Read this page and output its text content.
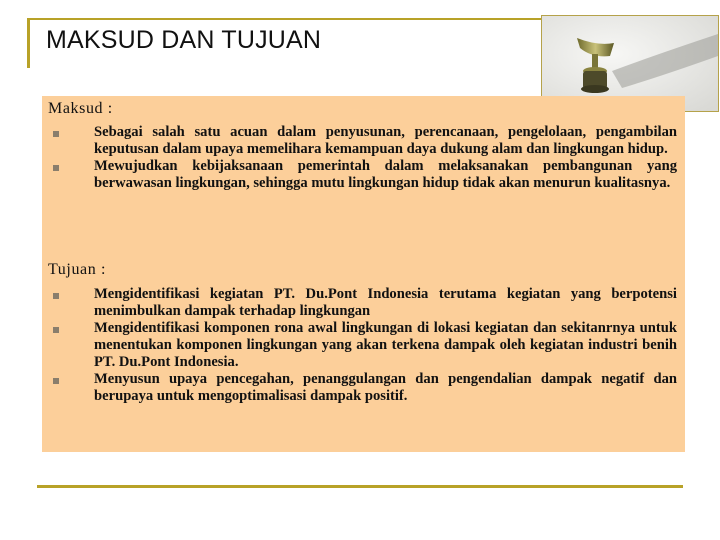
MAKSUD DAN TUJUAN
Maksud :
Sebagai salah satu acuan dalam penyusunan, perencanaan, pengelolaan, pengambilan keputusan dalam upaya memelihara kemampuan daya dukung alam dan lingkungan hidup.
Mewujudkan kebijaksanaan pemerintah dalam melaksanakan pembangunan yang berwawasan lingkungan, sehingga mutu lingkungan hidup tidak akan menurun kualitasnya.
Tujuan :
Mengidentifikasi kegiatan PT. Du.Pont Indonesia terutama kegiatan yang berpotensi menimbulkan dampak terhadap lingkungan
Mengidentifikasi komponen rona awal lingkungan di lokasi kegiatan dan sekitanrnya untuk menentukan komponen lingkungan yang akan terkena dampak oleh kegiatan industri benih PT. Du.Pont Indonesia.
Menyusun upaya pencegahan, penanggulangan dan pengendalian dampak negatif dan berupaya untuk mengoptimalisasi dampak positif.
